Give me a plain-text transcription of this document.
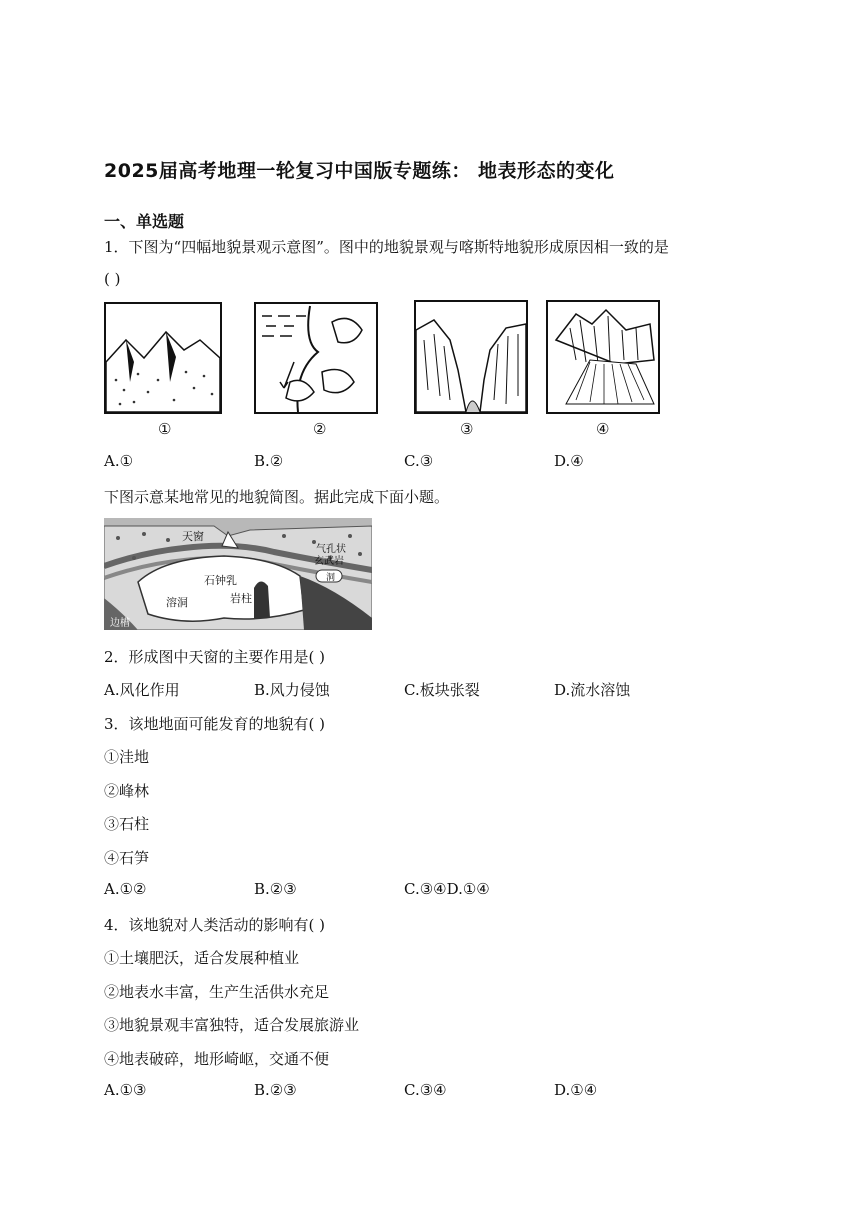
2025届高考地理一轮复习中国版专题练： 地表形态的变化
一、单选题
1．下图为“四幅地貌景观示意图”。图中的地貌景观与喀斯特地貌形成原因相一致的是
( )
①	②	③	④
A.①	B.②	C.③	D.④
下图示意某地常见的地貌简图。据此完成下面小题。
天窗
气孔状
玄武岩
石钟乳
溶洞	岩柱
洞
边槽
2．形成图中天窗的主要作用是( )
A.风化作用	B.风力侵蚀	C.板块张裂	D.流水溶蚀
3．该地地面可能发育的地貌有( )
①洼地
②峰林
③石柱
④石笋
A.①②	B.②③	C.③④D.①④
4．该地貌对人类活动的影响有( )
①土壤肥沃，适合发展种植业
②地表水丰富，生产生活供水充足
③地貌景观丰富独特，适合发展旅游业
④地表破碎，地形崎岖，交通不便
A.①③	B.②③	C.③④	D.①④
